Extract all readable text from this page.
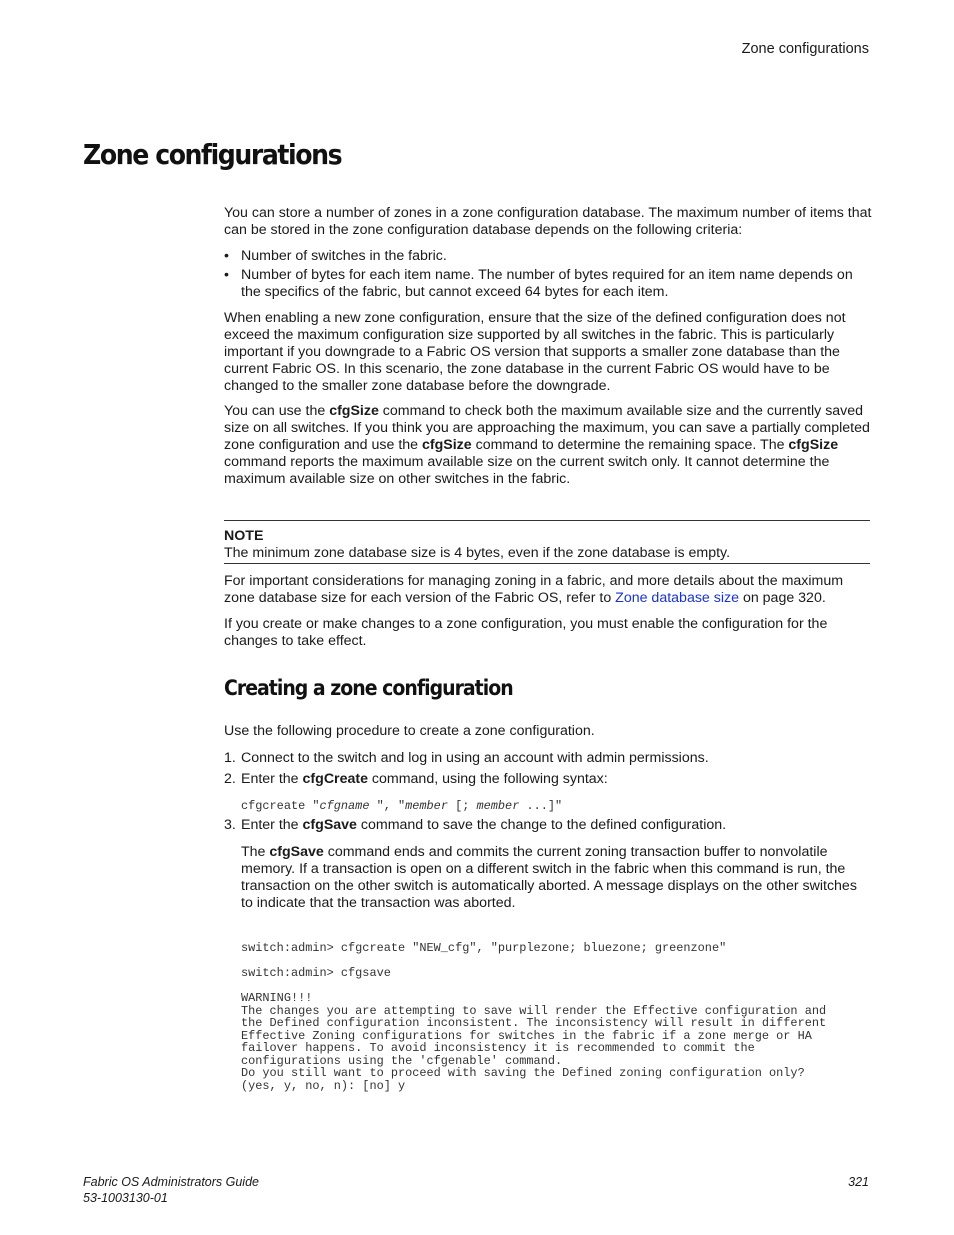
Zone configurations
Zone configurations
You can store a number of zones in a zone configuration database. The maximum number of items that can be stored in the zone configuration database depends on the following criteria:
• Number of switches in the fabric.
• Number of bytes for each item name. The number of bytes required for an item name depends on the specifics of the fabric, but cannot exceed 64 bytes for each item.
When enabling a new zone configuration, ensure that the size of the defined configuration does not exceed the maximum configuration size supported by all switches in the fabric. This is particularly important if you downgrade to a Fabric OS version that supports a smaller zone database than the current Fabric OS. In this scenario, the zone database in the current Fabric OS would have to be changed to the smaller zone database before the downgrade.
You can use the cfgSize command to check both the maximum available size and the currently saved size on all switches. If you think you are approaching the maximum, you can save a partially completed zone configuration and use the cfgSize command to determine the remaining space. The cfgSize command reports the maximum available size on the current switch only. It cannot determine the maximum available size on other switches in the fabric.
NOTE
The minimum zone database size is 4 bytes, even if the zone database is empty.
For important considerations for managing zoning in a fabric, and more details about the maximum zone database size for each version of the Fabric OS, refer to Zone database size on page 320.
If you create or make changes to a zone configuration, you must enable the configuration for the changes to take effect.
Creating a zone configuration
Use the following procedure to create a zone configuration.
1. Connect to the switch and log in using an account with admin permissions.
2. Enter the cfgCreate command, using the following syntax:
cfgcreate "cfgname ", "member [; member ...]"
3. Enter the cfgSave command to save the change to the defined configuration.
The cfgSave command ends and commits the current zoning transaction buffer to nonvolatile memory. If a transaction is open on a different switch in the fabric when this command is run, the transaction on the other switch is automatically aborted. A message displays on the other switches to indicate that the transaction was aborted.
switch:admin> cfgcreate "NEW_cfg", "purplezone; bluezone; greenzone"
switch:admin> cfgsave
WARNING!!!
The changes you are attempting to save will render the Effective configuration and
the Defined configuration inconsistent. The inconsistency will result in different
Effective Zoning configurations for switches in the fabric if a zone merge or HA
failover happens. To avoid inconsistency it is recommended to commit the
configurations using the 'cfgenable' command.
Do you still want to proceed with saving the Defined zoning configuration only?
(yes, y, no, n): [no] y
Fabric OS Administrators Guide
53-1003130-01
321
